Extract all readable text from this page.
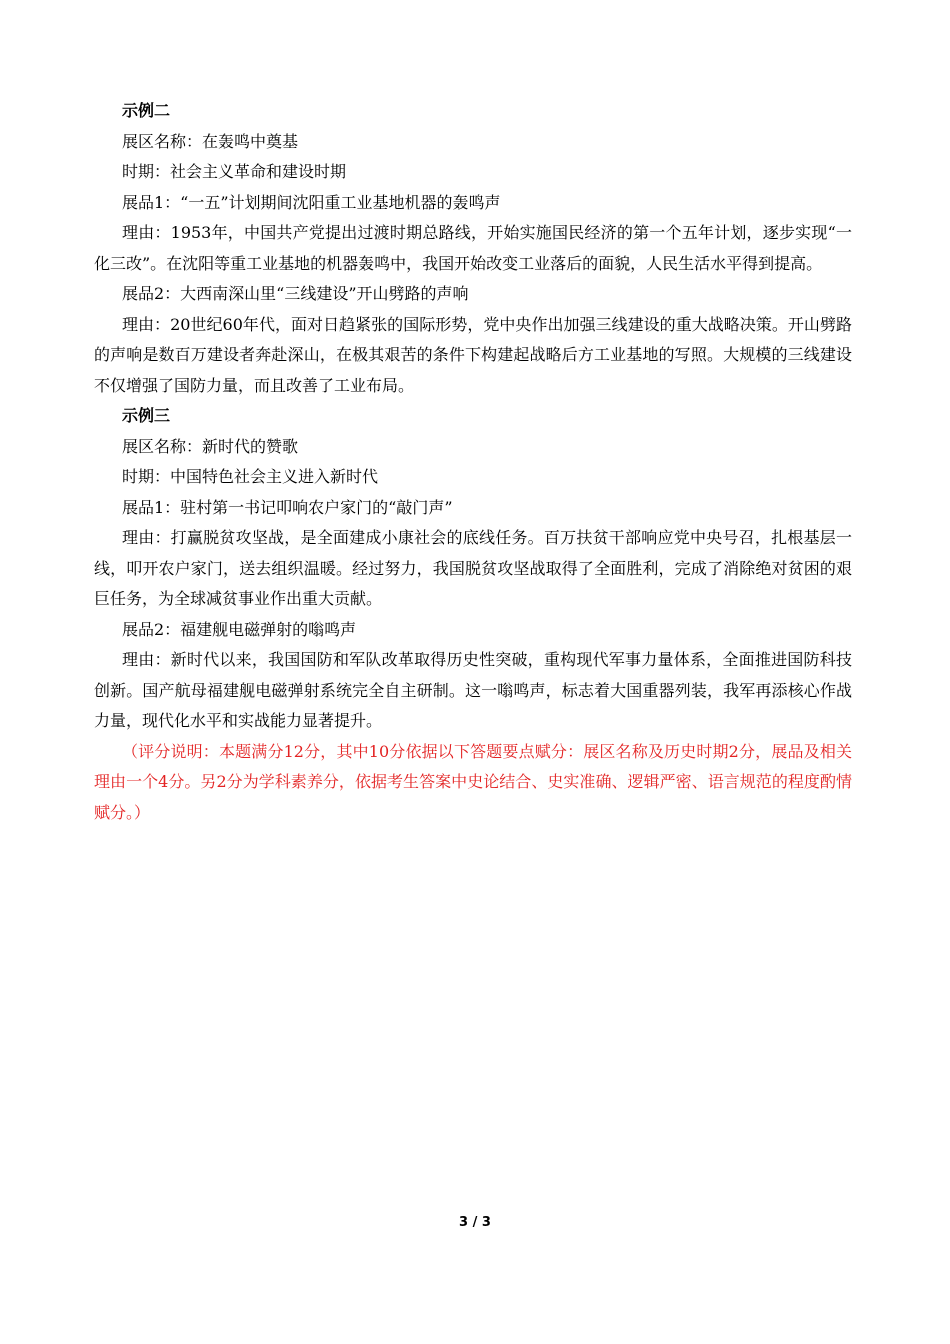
示例二
展区名称：在轰鸣中奠基
时期：社会主义革命和建设时期
展品1：“一五”计划期间沈阳重工业基地机器的轰鸣声
理由：1953年，中国共产党提出过渡时期总路线，开始实施国民经济的第一个五年计划，逐步实现“一化三改”。在沈阳等重工业基地的机器轰鸣中，我国开始改变工业落后的面貌，人民生活水平得到提高。
展品2：大西南深山里“三线建设”开山劈路的声响
理由：20世纪60年代，面对日趋紧张的国际形势，党中央作出加强三线建设的重大战略决策。开山劈路的声响是数百万建设者奔赴深山，在极其艰苦的条件下构建起战略后方工业基地的写照。大规模的三线建设不仅增强了国防力量，而且改善了工业布局。
示例三
展区名称：新时代的赞歌
时期：中国特色社会主义进入新时代
展品1：驻村第一书记叩响农户家门的“敲门声”
理由：打赢脱贫攻坚战，是全面建成小康社会的底线任务。百万扶贫干部响应党中央号召，扎根基层一线，叩开农户家门，送去组织温暖。经过努力，我国脱贫攻坚战取得了全面胜利，完成了消除绝对贫困的艰巨任务，为全球减贫事业作出重大贡献。
展品2：福建舰电磁弹射的嗡鸣声
理由：新时代以来，我国国防和军队改革取得历史性突破，重构现代军事力量体系，全面推进国防科技创新。国产航母福建舰电磁弹射系统完全自主研制。这一嗡鸣声，标志着大国重器列装，我军再添核心作战力量，现代化水平和实战能力显著提升。
（评分说明：本题满分12分，其中10分依据以下答题要点赋分：展区名称及历史时期2分，展品及相关理由一个4分。另2分为学科素养分，依据考生答案中史论结合、史实准确、逻辑严密、语言规范的程度酌情赋分。）
3 / 3
